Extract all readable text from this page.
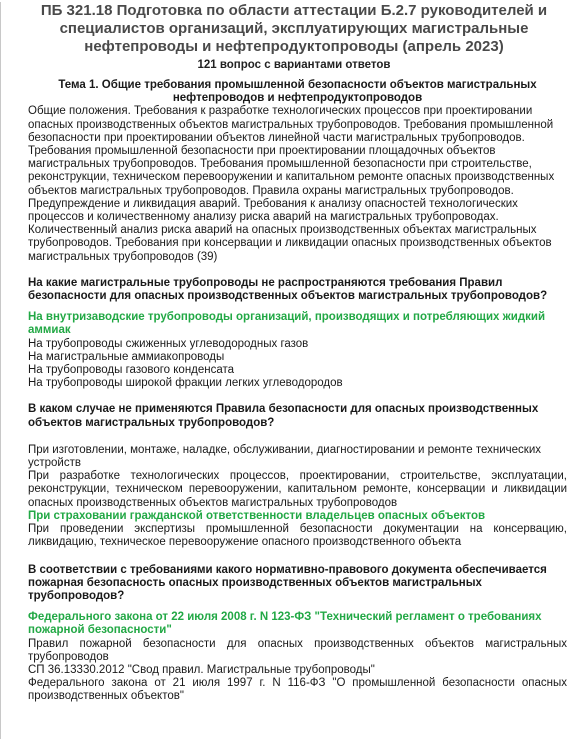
ПБ 321.18 Подготовка по области аттестации Б.2.7 руководителей и специалистов организаций, эксплуатирующих магистральные нефтепроводы и нефтепродуктопроводы (апрель 2023)
121 вопрос с вариантами ответов
Тема 1. Общие требования промышленной безопасности объектов магистральных нефтепроводов и нефтепродуктопроводов

Общие положения. Требования к разработке технологических процессов при проектировании опасных производственных объектов магистральных трубопроводов. Требования промышленной безопасности при проектировании объектов линейной части магистральных трубопроводов. Требования промышленной безопасности при проектировании площадочных объектов магистральных трубопроводов. Требования промышленной безопасности при строительстве, реконструкции, техническом перевооружении и капитальном ремонте опасных производственных объектов магистральных трубопроводов. Правила охраны магистральных трубопроводов. Предупреждение и ликвидация аварий. Требования к анализу опасностей технологических процессов и количественному анализу риска аварий на магистральных трубопроводах. Количественный анализ риска аварий на опасных производственных объектах магистральных трубопроводов. Требования при консервации и ликвидации опасных производственных объектов магистральных трубопроводов (39)

На какие магистральные трубопроводы не распространяются требования Правил безопасности для опасных производственных объектов магистральных трубопроводов?

На внутризаводские трубопроводы организаций, производящих и потребляющих жидкий аммиак

На трубопроводы сжиженных углеводородных газов

На магистральные аммиакопроводы

На трубопроводы газового конденсата

На трубопроводы широкой фракции легких углеводородов

В каком случае не применяются Правила безопасности для опасных производственных объектов магистральных трубопроводов?

При изготовлении, монтаже, наладке, обслуживании, диагностировании и ремонте технических устройств

При разработке технологических процессов, проектировании, строительстве, эксплуатации, реконструкции, техническом перевооружении, капитальном ремонте, консервации и ликвидации опасных производственных объектов магистральных трубопроводов

При страховании гражданской ответственности владельцев опасных объектов

При проведении экспертизы промышленной безопасности документации на консервацию, ликвидацию, техническое перевооружение опасного производственного объекта

В соответствии с требованиями какого нормативно-правового документа обеспечивается пожарная безопасность опасных производственных объектов магистральных трубопроводов?

Федерального закона от 22 июля 2008 г. N 123-ФЗ "Технический регламент о требованиях пожарной безопасности"

Правил пожарной безопасности для опасных производственных объектов магистральных трубопроводов

СП 36.13330.2012 "Свод правил. Магистральные трубопроводы"

Федерального закона от 21 июля 1997 г. N 116-ФЗ "О промышленной безопасности опасных производственных объектов"
